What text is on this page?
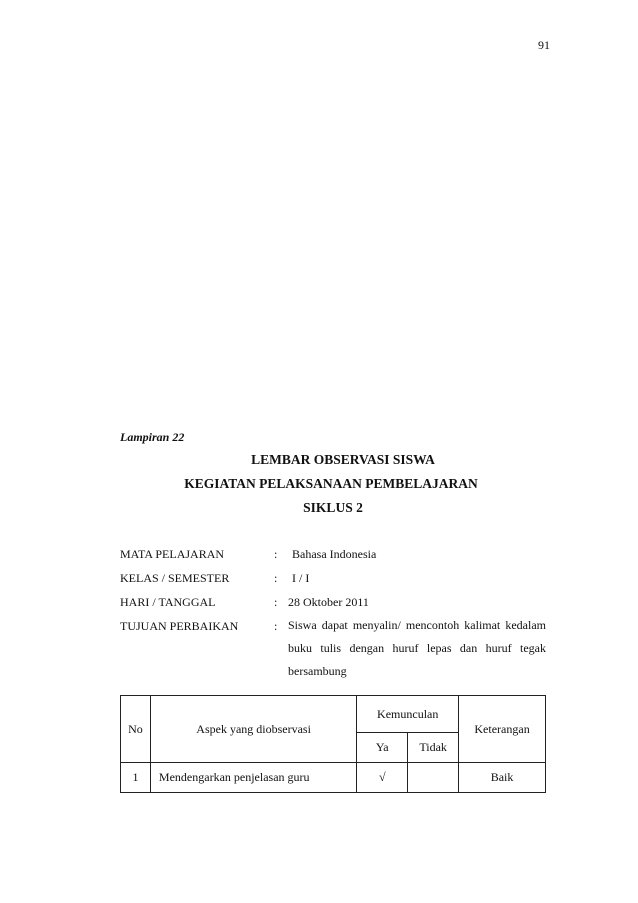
91
Lampiran 22
LEMBAR OBSERVASI SISWA
KEGIATAN PELAKSANAAN PEMBELAJARAN
SIKLUS 2
MATA PELAJARAN	: Bahasa Indonesia
KELAS / SEMESTER	: I / I
HARI / TANGGAL	: 28 Oktober 2011
TUJUAN PERBAIKAN	: Siswa dapat menyalin/ mencontoh kalimat kedalam buku tulis dengan huruf lepas dan huruf tegak bersambung
No	Aspek yang diobservasi	Kemunculan		Keterangan
		Ya	Tidak	
1	Mendengarkan penjelasan guru	√		Baik
